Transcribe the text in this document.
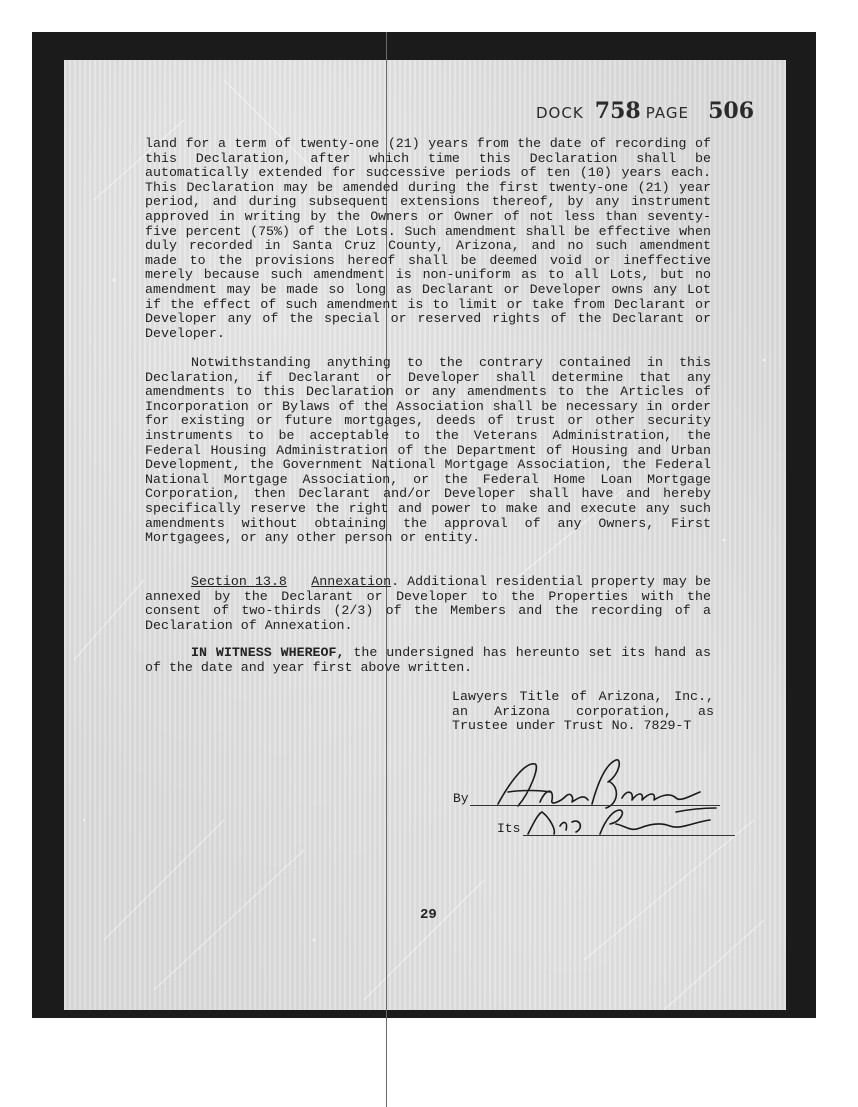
DOCK 758 PAGE 506
land for a term of twenty-one (21) years from the date of recording of this Declaration, after which time this Declaration shall be automatically extended for successive periods of ten (10) years each. This Declaration may be amended during the first twenty-one (21) year period, and during subsequent extensions thereof, by any instrument approved in writing by the Owners or Owner of not less than seventy-five percent (75%) of the Lots. Such amendment shall be effective when duly recorded in Santa Cruz County, Arizona, and no such amendment made to the provisions hereof shall be deemed void or ineffective merely because such amendment is non-uniform as to all Lots, but no amendment may be made so long as Declarant or Developer owns any Lot if the effect of such amendment is to limit or take from Declarant or Developer any of the special or reserved rights of the Declarant or Developer.
Notwithstanding anything to the contrary contained in this Declaration, if Declarant or Developer shall determine that any amendments to this Declaration or any amendments to the Articles of Incorporation or Bylaws of the Association shall be necessary in order for existing or future mortgages, deeds of trust or other security instruments to be acceptable to the Veterans Administration, the Federal Housing Administration of the Department of Housing and Urban Development, the Government National Mortgage Association, the Federal National Mortgage Association, or the Federal Home Loan Mortgage Corporation, then Declarant and/or Developer shall have and hereby specifically reserve the right and power to make and execute any such amendments without obtaining the approval of any Owners, First Mortgagees, or any other person or entity.
Section 13.8 Annexation. Additional residential property may be annexed by the Declarant or Developer to the Properties with the consent of two-thirds (2/3) of the Members and the recording of a Declaration of Annexation.
IN WITNESS WHEREOF, the undersigned has hereunto set its hand as of the date and year first above written.
Lawyers Title of Arizona, Inc.,
an Arizona corporation, as
Trustee under Trust No. 7829-T
By
Its
29
